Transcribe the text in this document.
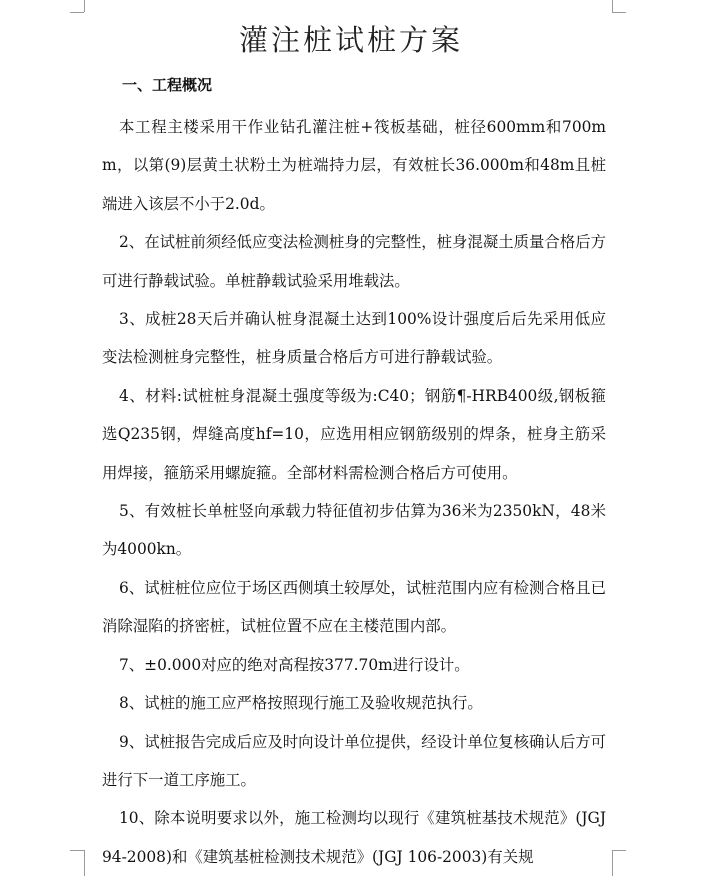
灌注桩试桩方案
一、工程概况

本工程主楼采用干作业钻孔灌注桩+筏板基础，桩径600mm和700mm，以第(9)层黄土状粉土为桩端持力层，有效桩长36.000m和48m且桩端进入该层不小于2.0d。

2、在试桩前须经低应变法检测桩身的完整性，桩身混凝土质量合格后方可进行静载试验。单桩静载试验采用堆载法。

3、成桩28天后并确认桩身混凝土达到100%设计强度后后先采用低应变法检测桩身完整性，桩身质量合格后方可进行静载试验。

4、材料:试桩桩身混凝土强度等级为:C40；钢筋¶-HRB400级,钢板箍选Q235钢，焊缝高度hf=10，应选用相应钢筋级别的焊条，桩身主筋采用焊接，箍筋采用螺旋箍。全部材料需检测合格后方可使用。

5、有效桩长单桩竖向承载力特征值初步估算为36米为2350kN，48米为4000kn。

6、试桩桩位应位于场区西侧填土较厚处，试桩范围内应有检测合格且已消除湿陷的挤密桩，试桩位置不应在主楼范围内部。

7、±0.000对应的绝对高程按377.70m进行设计。

8、试桩的施工应严格按照现行施工及验收规范执行。

9、试桩报告完成后应及时向设计单位提供，经设计单位复核确认后方可进行下一道工序施工。

10、除本说明要求以外，施工检测均以现行《建筑桩基技术规范》(JGJ 94-2008)和《建筑基桩检测技术规范》(JGJ 106-2003)有关规
